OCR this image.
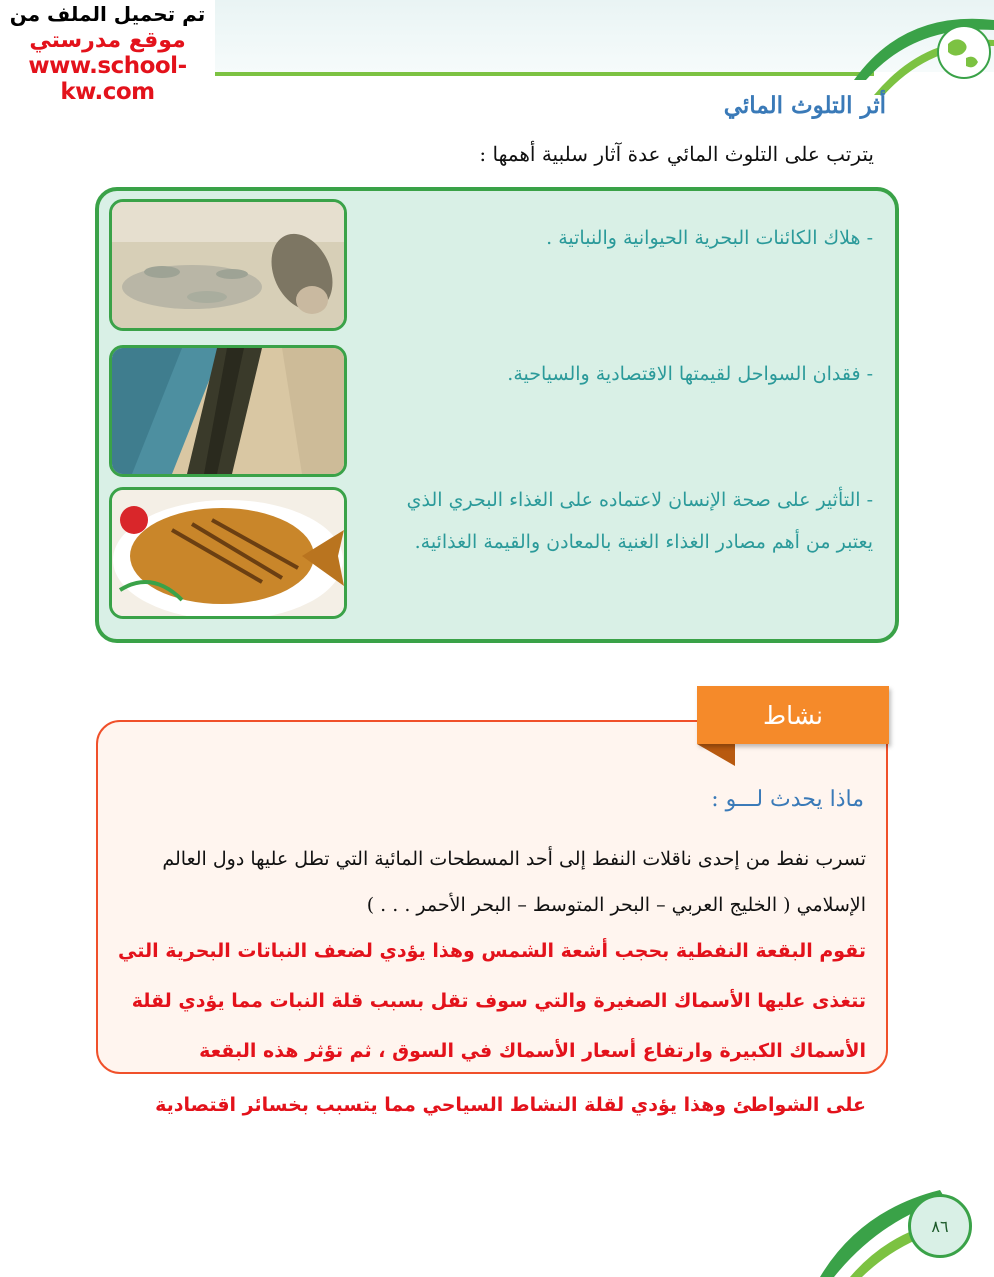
تم تحميل الملف من
موقع مدرستي
www.school-kw.com	أثر التلوث المائي
يترتب على التلوث المائي عدة آثار سلبية أهمها :
- هلاك الكائنات البحرية الحيوانية والنباتية .
- فقدان السواحل لقيمتها الاقتصادية والسياحية.
- التأثير على صحة الإنسان لاعتماده على الغذاء البحري الذي يعتبر من أهم مصادر الغذاء الغنية بالمعادن والقيمة الغذائية.
نشاط
ماذا يحدث لـــو :
تسرب نفط من إحدى ناقلات النفط إلى أحد المسطحات المائية التي تطل عليها دول العالم الإسلامي ( الخليج العربي – البحر المتوسط – البحر الأحمر . . . )
تقوم البقعة النفطية بحجب أشعة الشمس وهذا يؤدي لضعف النباتات البحرية التي تتغذى عليها الأسماك الصغيرة والتي سوف تقل بسبب قلة النبات مما يؤدي لقلة الأسماك الكبيرة وارتفاع أسعار الأسماك في السوق ، ثم تؤثر هذه البقعة
على الشواطئ وهذا يؤدي لقلة النشاط السياحي مما يتسبب بخسائر اقتصادية
٨٦
